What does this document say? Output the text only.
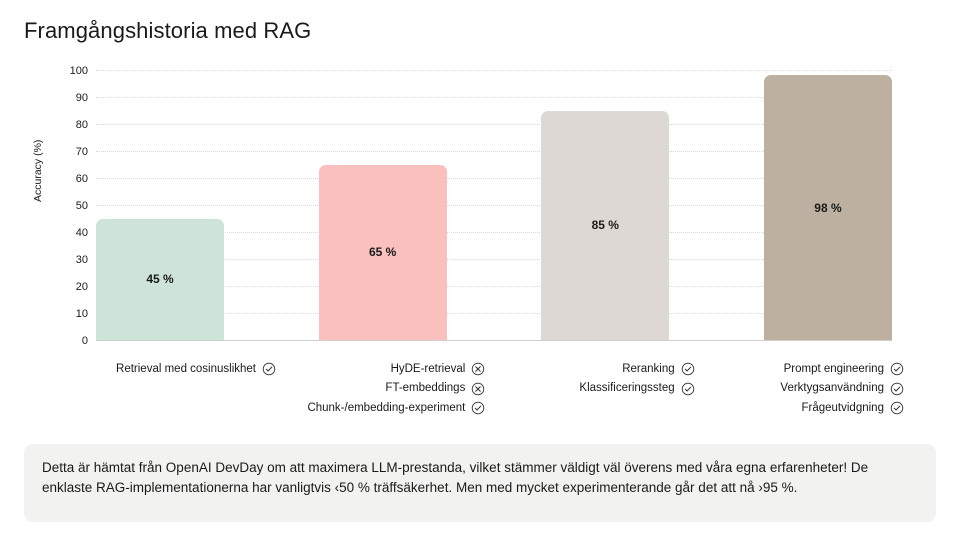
Framgångshistoria med RAG
Accuracy (%)
0
10
20
30
40
50
60
70
80
90
100
45 %
65 %
85 %
98 %
Retrieval med cosinuslikhet	HyDE-retrieval
FT-embeddings
Chunk-/embedding-experiment
Reranking
Klassificeringssteg
Prompt engineering
Verktygsanvändning
Frågeutvidgning
Detta är hämtat från OpenAI DevDay om att maximera LLM-prestanda, vilket stämmer väldigt väl överens med våra egna erfarenheter! De enklaste RAG-implementationerna har vanligtvis ‹50 % träffsäkerhet. Men med mycket experimenterande går det att nå ›95 %.
